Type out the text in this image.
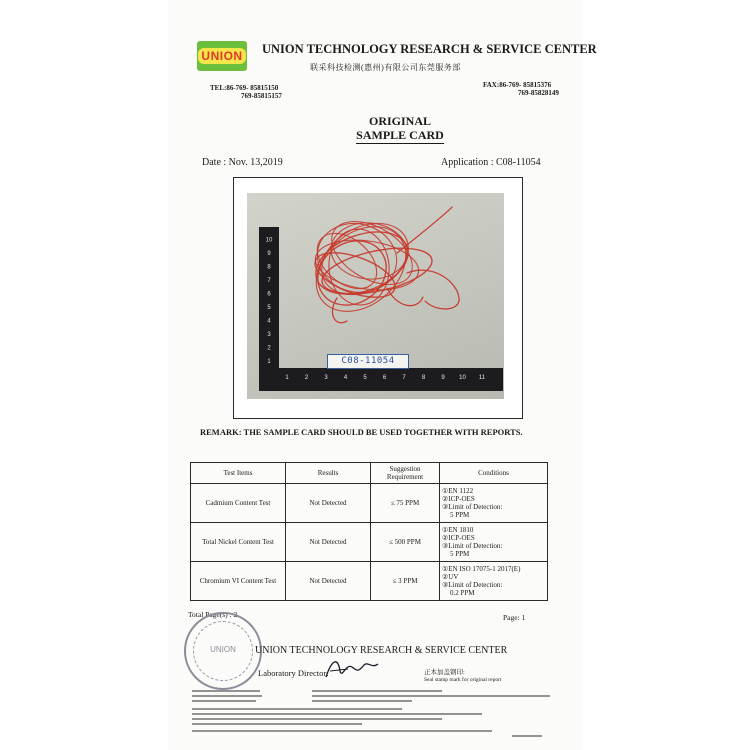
UNION UNION TECHNOLOGY RESEARCH & SERVICE CENTER
联采科技检测(惠州)有限公司东莞服务部
TEL:86-769- 85815150
769-85815157
FAX:86-769- 85815376
769-85828149
ORIGINAL
SAMPLE CARD
Date : Nov. 13,2019	Application : C08-11054
1
2
3
4
5
6
7
8
9
10
1	2	3	4	5	6	7	8	9 10 11
C08-11054
REMARK: THE SAMPLE CARD SHOULD BE USED TOGETHER WITH REPORTS.
Test Items	Results	Suggestion Requirement	Conditions
Cadmium Content Test	Not Detected	≤ 75 PPM	①EN 1122
②ICP-OES
③Limit of Detection:
5 PPM

Total Nickel Content Test	Not Detected	≤ 500 PPM	①EN 1810
②ICP-OES
③Limit of Detection:
5 PPM

Chromium VI Content Test	Not Detected	≤ 3 PPM	①EN ISO 17075-1 2017(E)
②UV
③Limit of Detection:
0.2 PPM
Total Page(s) : 2	Page: 1
UNION	UNION TECHNOLOGY RESEARCH & SERVICE CENTER
Laboratory Director:	正本加盖钢印:
Seal stamp mark for original report
